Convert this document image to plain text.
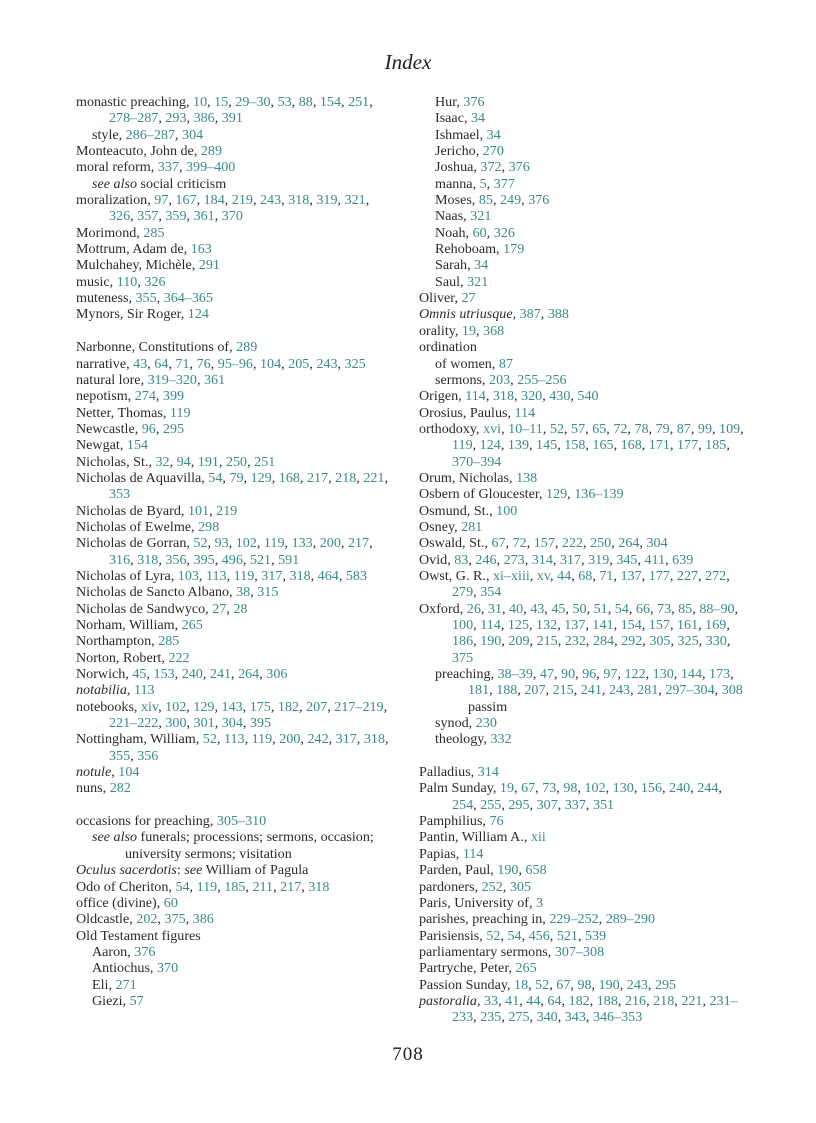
Index

monastic preaching, 10, 15, 29–30, 53, 88, 154, 251, 278–287, 293, 386, 391

style, 286–287, 304

Monteacuto, John de, 289

moral reform, 337, 399–400

see also social criticism

moralization, 97, 167, 184, 219, 243, 318, 319, 321, 326, 357, 359, 361, 370

Morimond, 285

Mottrum, Adam de, 163

Mulchahey, Michèle, 291

music, 110, 326

muteness, 355, 364–365

Mynors, Sir Roger, 124

Narbonne, Constitutions of, 289

narrative, 43, 64, 71, 76, 95–96, 104, 205, 243, 325

natural lore, 319–320, 361

nepotism, 274, 399

Netter, Thomas, 119

Newcastle, 96, 295

Newgat, 154

Nicholas, St., 32, 94, 191, 250, 251

Nicholas de Aquavilla, 54, 79, 129, 168, 217, 218, 221, 353

Nicholas de Byard, 101, 219

Nicholas of Ewelme, 298

Nicholas de Gorran, 52, 93, 102, 119, 133, 200, 217, 316, 318, 356, 395, 496, 521, 591

Nicholas of Lyra, 103, 113, 119, 317, 318, 464, 583

Nicholas de Sancto Albano, 38, 315

Nicholas de Sandwyco, 27, 28

Norham, William, 265

Northampton, 285

Norton, Robert, 222

Norwich, 45, 153, 240, 241, 264, 306

notabilia, 113

notebooks, xiv, 102, 129, 143, 175, 182, 207, 217–219, 221–222, 300, 301, 304, 395

Nottingham, William, 52, 113, 119, 200, 242, 317, 318, 355, 356

notule, 104

nuns, 282

occasions for preaching, 305–310

see also funerals; processions; sermons, occasion; university sermons; visitation

Oculus sacerdotis: see William of Pagula

Odo of Cheriton, 54, 119, 185, 211, 217, 318

office (divine), 60

Oldcastle, 202, 375, 386

Old Testament figures

Aaron, 376

Antiochus, 370

Eli, 271

Giezi, 57

Hur, 376

Isaac, 34

Ishmael, 34

Jericho, 270

Joshua, 372, 376

manna, 5, 377

Moses, 85, 249, 376

Naas, 321

Noah, 60, 326

Rehoboam, 179

Sarah, 34

Saul, 321

Oliver, 27

Omnis utriusque, 387, 388

orality, 19, 368

ordination

of women, 87

sermons, 203, 255–256

Origen, 114, 318, 320, 430, 540

Orosius, Paulus, 114

orthodoxy, xvi, 10–11, 52, 57, 65, 72, 78, 79, 87, 99, 109, 119, 124, 139, 145, 158, 165, 168, 171, 177, 185, 370–394

Orum, Nicholas, 138

Osbern of Gloucester, 129, 136–139

Osmund, St., 100

Osney, 281

Oswald, St., 67, 72, 157, 222, 250, 264, 304

Ovid, 83, 246, 273, 314, 317, 319, 345, 411, 639

Owst, G. R., xi–xiii, xv, 44, 68, 71, 137, 177, 227, 272, 279, 354

Oxford, 26, 31, 40, 43, 45, 50, 51, 54, 66, 73, 85, 88–90, 100, 114, 125, 132, 137, 141, 154, 157, 161, 169, 186, 190, 209, 215, 232, 284, 292, 305, 325, 330, 375

preaching, 38–39, 47, 90, 96, 97, 122, 130, 144, 173, 181, 188, 207, 215, 241, 243, 281, 297–304, 308 passim

synod, 230

theology, 332

Palladius, 314

Palm Sunday, 19, 67, 73, 98, 102, 130, 156, 240, 244, 254, 255, 295, 307, 337, 351

Pamphilius, 76

Pantin, William A., xii

Papias, 114

Parden, Paul, 190, 658

pardoners, 252, 305

Paris, University of, 3

parishes, preaching in, 229–252, 289–290

Parisiensis, 52, 54, 456, 521, 539

parliamentary sermons, 307–308

Partryche, Peter, 265

Passion Sunday, 18, 52, 67, 98, 190, 243, 295

pastoralia, 33, 41, 44, 64, 182, 188, 216, 218, 221, 231–233, 235, 275, 340, 343, 346–353

708
